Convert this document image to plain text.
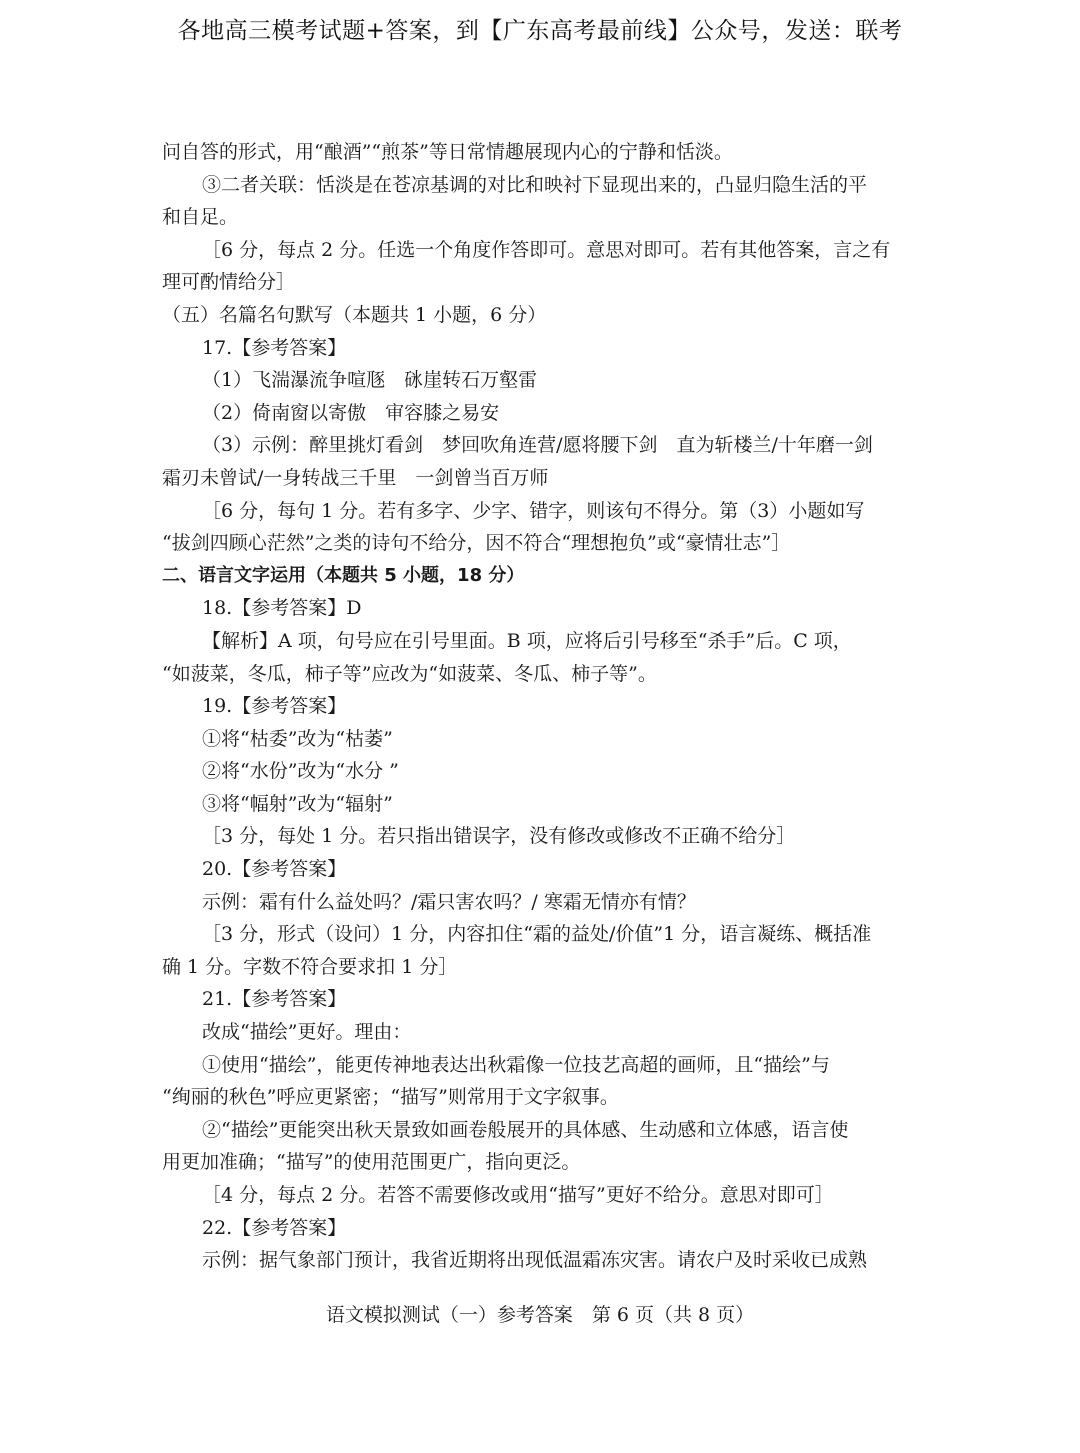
各地高三模考试题+答案，到【广东高考最前线】公众号，发送：联考
问自答的形式，用“酿酒”“煎茶”等日常情趣展现内心的宁静和恬淡。
③二者关联：恬淡是在苍凉基调的对比和映衬下显现出来的，凸显归隐生活的平
和自足。
［6 分，每点 2 分。任选一个角度作答即可。意思对即可。若有其他答案，言之有
理可酌情给分］
（五）名篇名句默写（本题共 1 小题，6 分）
17.【参考答案】
（1）飞湍瀑流争喧豗　砯崖转石万壑雷
（2）倚南窗以寄傲　审容膝之易安
（3）示例：醉里挑灯看剑　梦回吹角连营/愿将腰下剑　直为斩楼兰/十年磨一剑
霜刃未曾试/一身转战三千里　一剑曾当百万师
［6 分，每句 1 分。若有多字、少字、错字，则该句不得分。第（3）小题如写
“拔剑四顾心茫然”之类的诗句不给分，因不符合“理想抱负”或“豪情壮志”］
二、语言文字运用（本题共 5 小题，18 分）
18.【参考答案】D
【解析】A 项，句号应在引号里面。B 项，应将后引号移至“杀手”后。C 项，
“如菠菜，冬瓜，柿子等”应改为“如菠菜、冬瓜、柿子等”。
19.【参考答案】
①将“枯委”改为“枯萎”
②将“水份”改为“水分 ”
③将“幅射”改为“辐射”
［3 分，每处 1 分。若只指出错误字，没有修改或修改不正确不给分］
20.【参考答案】
示例：霜有什么益处吗？/霜只害农吗？/ 寒霜无情亦有情？
［3 分，形式（设问）1 分，内容扣住“霜的益处/价值”1 分，语言凝练、概括准
确 1 分。字数不符合要求扣 1 分］
21.【参考答案】
改成“描绘”更好。理由：
①使用“描绘”，能更传神地表达出秋霜像一位技艺高超的画师，且“描绘”与
“绚丽的秋色”呼应更紧密；“描写”则常用于文字叙事。
②“描绘”更能突出秋天景致如画卷般展开的具体感、生动感和立体感，语言使
用更加准确；“描写”的使用范围更广，指向更泛。
［4 分，每点 2 分。若答不需要修改或用“描写”更好不给分。意思对即可］
22.【参考答案】
示例：据气象部门预计，我省近期将出现低温霜冻灾害。请农户及时采收已成熟
语文模拟测试（一）参考答案　第 6 页（共 8 页）
